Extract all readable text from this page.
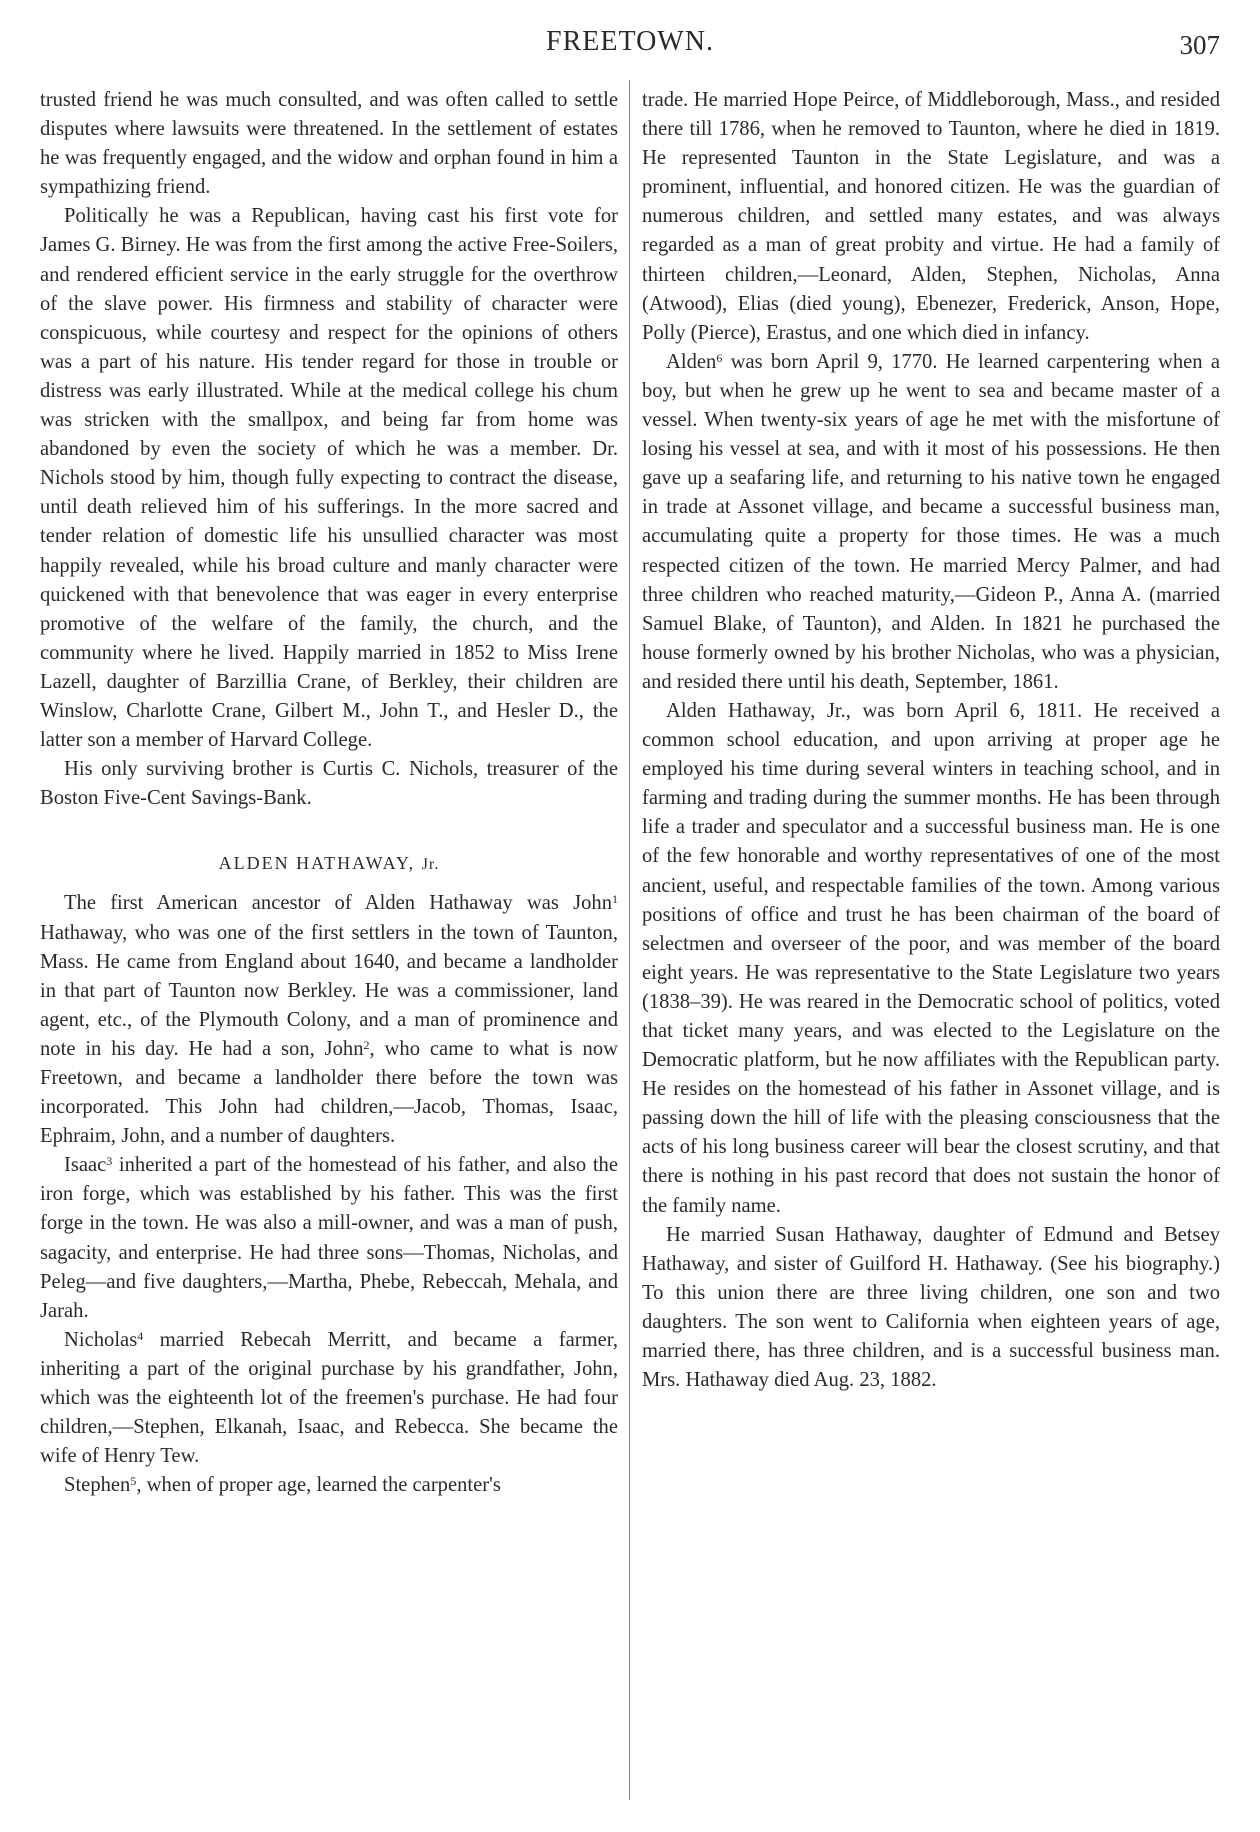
FREETOWN.	307

trusted friend he was much consulted, and was often called to settle disputes where lawsuits were threatened. In the settlement of estates he was frequently engaged, and the widow and orphan found in him a sympathizing friend.

Politically he was a Republican, having cast his first vote for James G. Birney. He was from the first among the active Free-Soilers, and rendered efficient service in the early struggle for the overthrow of the slave power. His firmness and stability of character were conspicuous, while courtesy and respect for the opinions of others was a part of his nature. His tender regard for those in trouble or distress was early illustrated. While at the medical college his chum was stricken with the smallpox, and being far from home was abandoned by even the society of which he was a member. Dr. Nichols stood by him, though fully expecting to contract the disease, until death relieved him of his sufferings. In the more sacred and tender relation of domestic life his unsullied character was most happily revealed, while his broad culture and manly character were quickened with that benevolence that was eager in every enterprise promotive of the welfare of the family, the church, and the community where he lived. Happily married in 1852 to Miss Irene Lazell, daughter of Barzillia Crane, of Berkley, their children are Winslow, Charlotte Crane, Gilbert M., John T., and Hesler D., the latter son a member of Harvard College.

His only surviving brother is Curtis C. Nichols, treasurer of the Boston Five-Cent Savings-Bank.

ALDEN HATHAWAY, Jr.

The first American ancestor of Alden Hathaway was John$^1$ Hathaway, who was one of the first settlers in the town of Taunton, Mass. He came from England about 1640, and became a landholder in that part of Taunton now Berkley. He was a commissioner, land agent, etc., of the Plymouth Colony, and a man of prominence and note in his day. He had a son, John$^2$, who came to what is now Freetown, and became a landholder there before the town was incorporated. This John had children,—Jacob, Thomas, Isaac, Ephraim, John, and a number of daughters.

Isaac$^3$ inherited a part of the homestead of his father, and also the iron forge, which was established by his father. This was the first forge in the town. He was also a mill-owner, and was a man of push, sagacity, and enterprise. He had three sons—Thomas, Nicholas, and Peleg—and five daughters,—Martha, Phebe, Rebeccah, Mehala, and Jarah.

Nicholas$^4$ married Rebecah Merritt, and became a farmer, inheriting a part of the original purchase by his grandfather, John, which was the eighteenth lot of the freemen's purchase. He had four children,—Stephen, Elkanah, Isaac, and Rebecca. She became the wife of Henry Tew.

Stephen$^5$, when of proper age, learned the carpenter's

trade. He married Hope Peirce, of Middleborough, Mass., and resided there till 1786, when he removed to Taunton, where he died in 1819. He represented Taunton in the State Legislature, and was a prominent, influential, and honored citizen. He was the guardian of numerous children, and settled many estates, and was always regarded as a man of great probity and virtue. He had a family of thirteen children,—Leonard, Alden, Stephen, Nicholas, Anna (Atwood), Elias (died young), Ebenezer, Frederick, Anson, Hope, Polly (Pierce), Erastus, and one which died in infancy.

Alden$^6$ was born April 9, 1770. He learned carpentering when a boy, but when he grew up he went to sea and became master of a vessel. When twenty-six years of age he met with the misfortune of losing his vessel at sea, and with it most of his possessions. He then gave up a seafaring life, and returning to his native town he engaged in trade at Assonet village, and became a successful business man, accumulating quite a property for those times. He was a much respected citizen of the town. He married Mercy Palmer, and had three children who reached maturity,—Gideon P., Anna A. (married Samuel Blake, of Taunton), and Alden. In 1821 he purchased the house formerly owned by his brother Nicholas, who was a physician, and resided there until his death, September, 1861.

Alden Hathaway, Jr., was born April 6, 1811. He received a common school education, and upon arriving at proper age he employed his time during several winters in teaching school, and in farming and trading during the summer months. He has been through life a trader and speculator and a successful business man. He is one of the few honorable and worthy representatives of one of the most ancient, useful, and respectable families of the town. Among various positions of office and trust he has been chairman of the board of selectmen and overseer of the poor, and was member of the board eight years. He was representative to the State Legislature two years (1838–39). He was reared in the Democratic school of politics, voted that ticket many years, and was elected to the Legislature on the Democratic platform, but he now affiliates with the Republican party. He resides on the homestead of his father in Assonet village, and is passing down the hill of life with the pleasing consciousness that the acts of his long business career will bear the closest scrutiny, and that there is nothing in his past record that does not sustain the honor of the family name.

He married Susan Hathaway, daughter of Edmund and Betsey Hathaway, and sister of Guilford H. Hathaway. (See his biography.) To this union there are three living children, one son and two daughters. The son went to California when eighteen years of age, married there, has three children, and is a successful business man. Mrs. Hathaway died Aug. 23, 1882.
